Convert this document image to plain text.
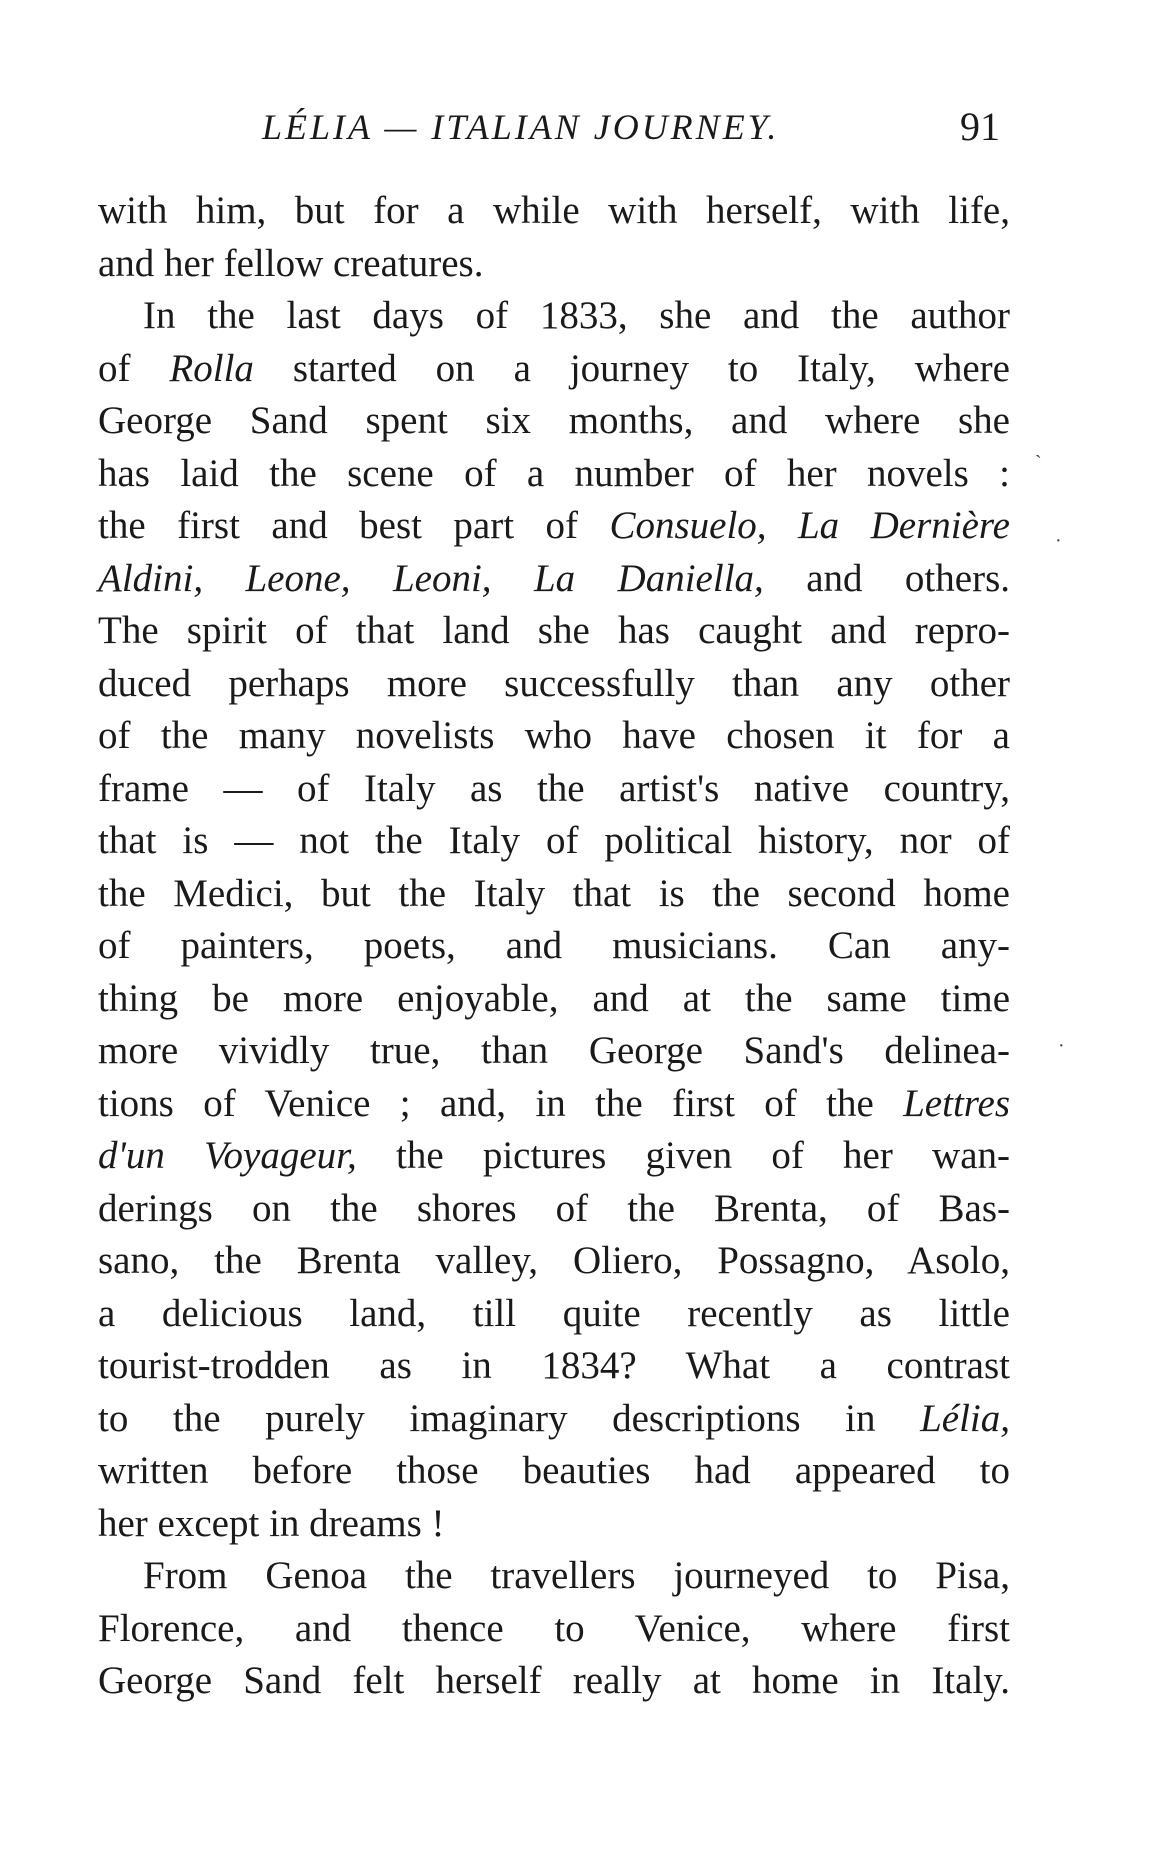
LÉLIA — ITALIAN JOURNEY.	91
with him, but for a while with herself, with life,
and her fellow creatures.
In the last days of 1833, she and the author
of Rolla started on a journey to Italy, where
George Sand spent six months, and where she
has laid the scene of a number of her novels :
the first and best part of Consuelo, La Dernière
Aldini, Leone, Leoni, La Daniella, and others.
The spirit of that land she has caught and repro-
duced perhaps more successfully than any other
of the many novelists who have chosen it for a
frame — of Italy as the artist's native country,
that is — not the Italy of political history, nor of
the Medici, but the Italy that is the second home
of painters, poets, and musicians. Can any-
thing be more enjoyable, and at the same time
more vividly true, than George Sand's delinea-
tions of Venice ; and, in the first of the Lettres
d'un Voyageur, the pictures given of her wan-
derings on the shores of the Brenta, of Bas-
sano, the Brenta valley, Oliero, Possagno, Asolo,
a delicious land, till quite recently as little
tourist-trodden as in 1834? What a contrast
to the purely imaginary descriptions in Lélia,
written before those beauties had appeared to
her except in dreams !
From Genoa the travellers journeyed to Pisa,
Florence, and thence to Venice, where first
George Sand felt herself really at home in Italy.
ˋ
·
·
